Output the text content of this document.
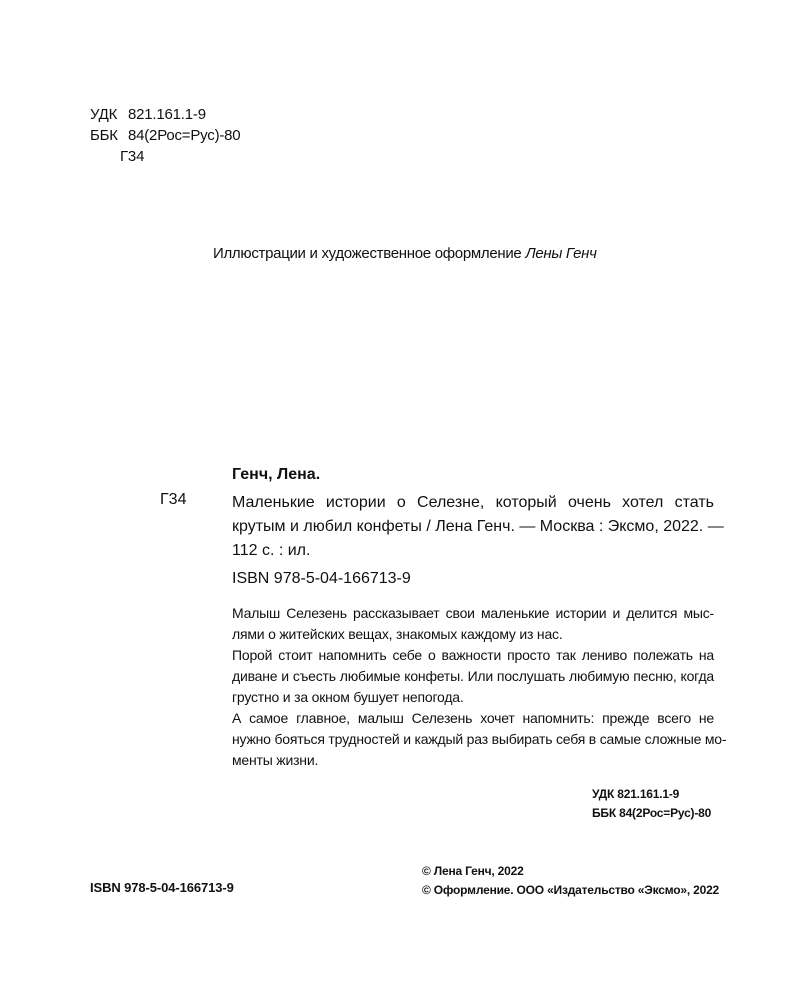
УДК 821.161.1-9
ББК 84(2Рос=Рус)-80
Г34
Иллюстрации и художественное оформление Лены Генч
Генч, Лена.
Г34	Маленькие истории о Селезне, который очень хотел стать
крутым и любил конфеты / Лена Генч. — Москва : Эксмо, 2022. —
112 с. : ил.
ISBN 978-5-04-166713-9
Малыш Селезень рассказывает свои маленькие истории и делится мыс-
лями о житейских вещах, знакомых каждому из нас.
Порой стоит напомнить себе о важности просто так лениво полежать на
диване и съесть любимые конфеты. Или послушать любимую песню, когда
грустно и за окном бушует непогода.
А самое главное, малыш Селезень хочет напомнить: прежде всего не
нужно бояться трудностей и каждый раз выбирать себя в самые сложные мо-
менты жизни.
УДК 821.161.1-9
ББК 84(2Рос=Рус)-80
ISBN 978-5-04-166713-9
© Лена Генч, 2022
© Оформление. ООО «Издательство «Эксмо», 2022
